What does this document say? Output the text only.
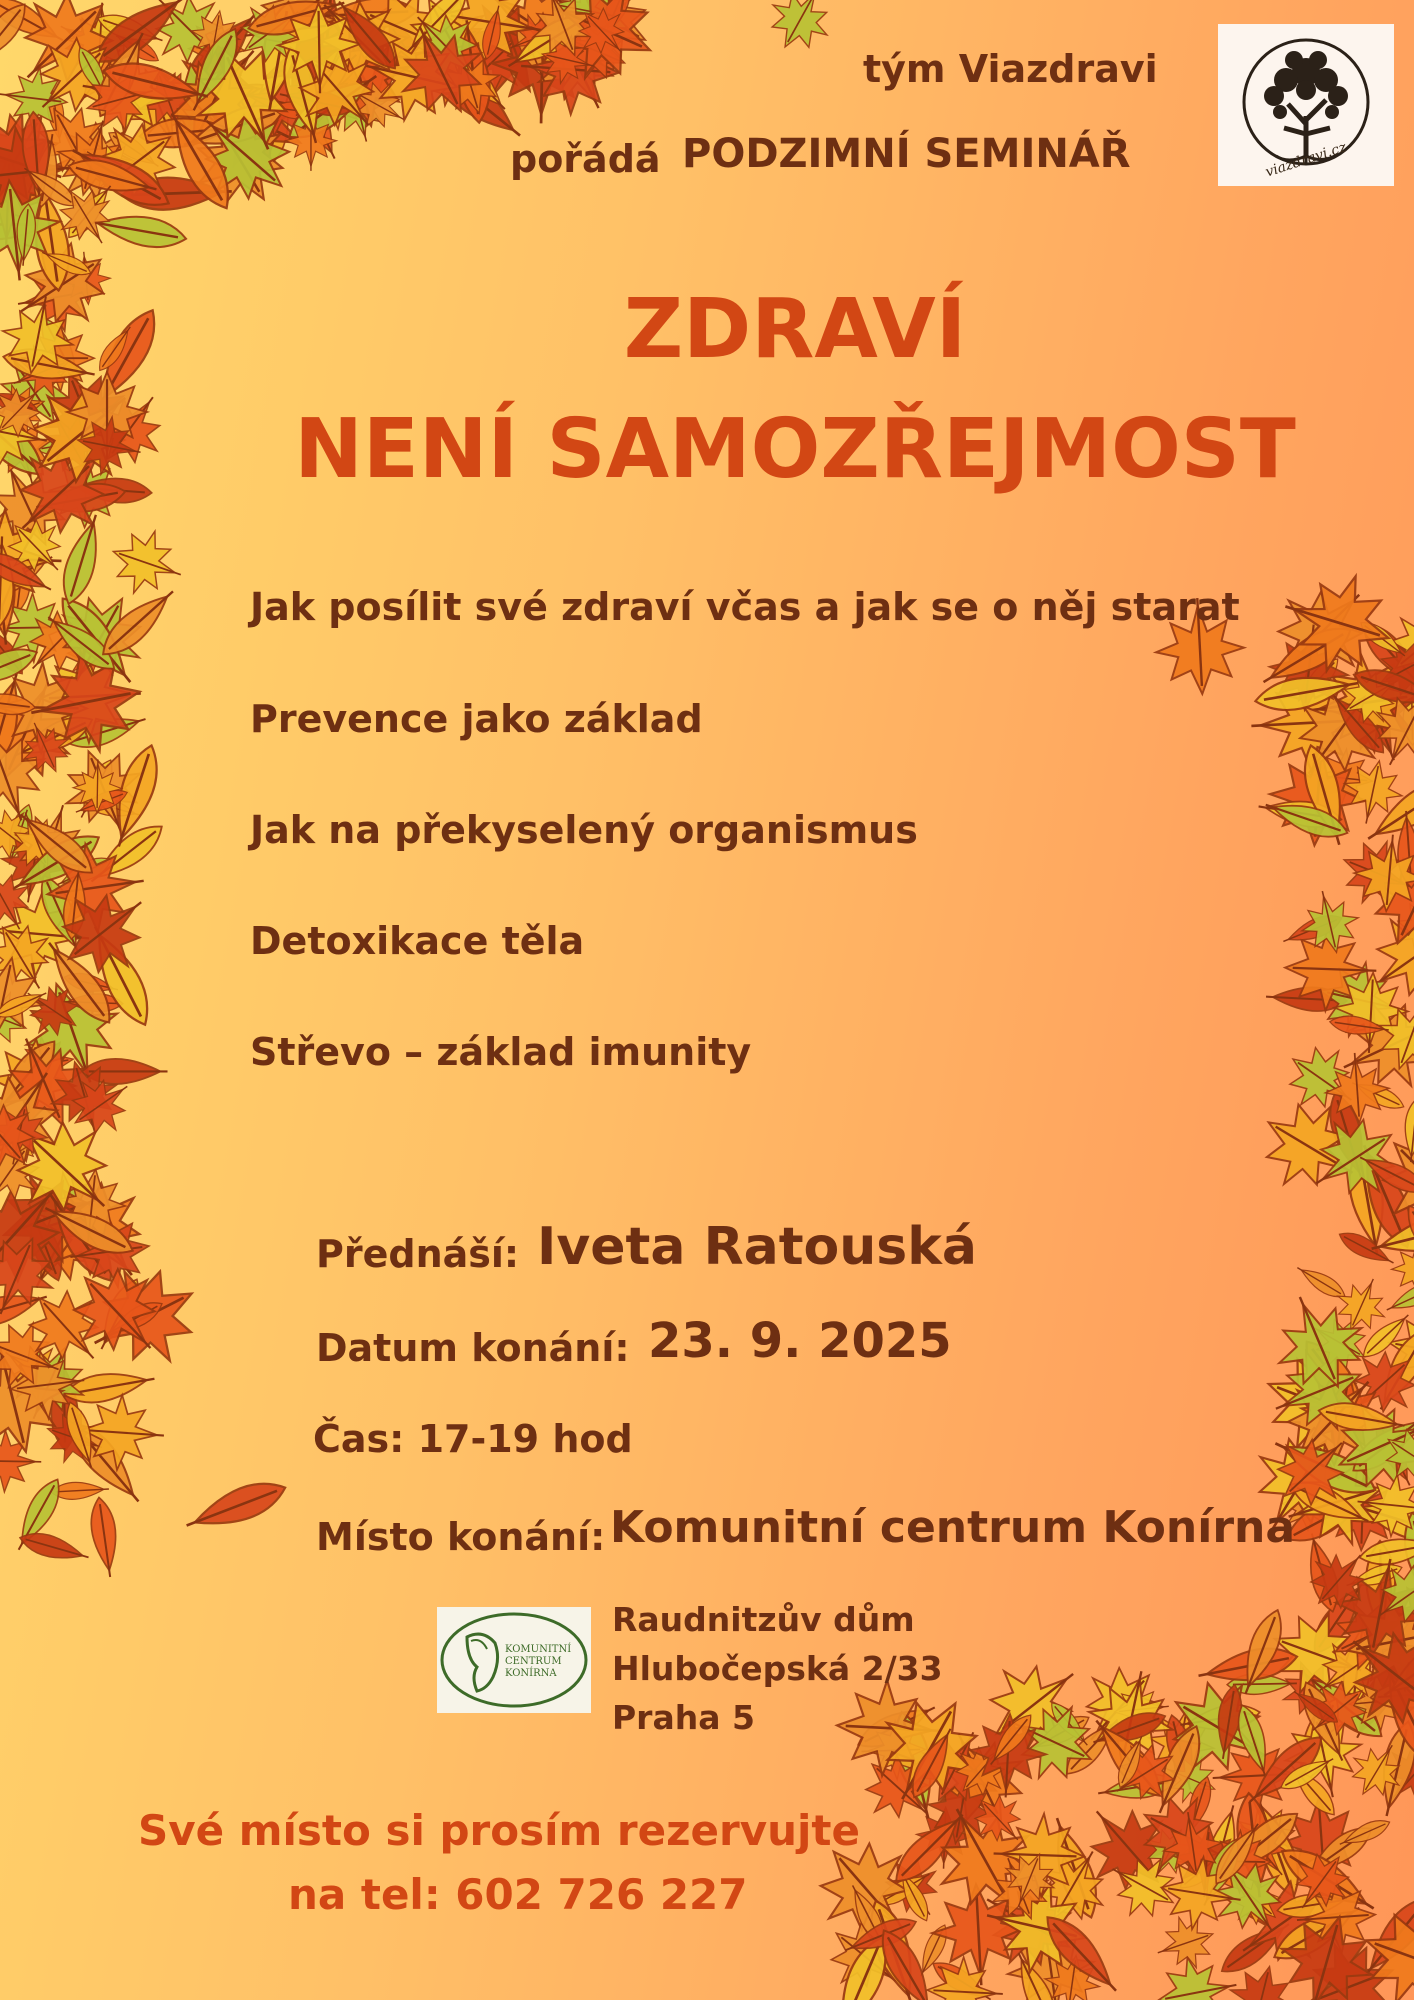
tým Viazdravi
pořádá PODZIMNÍ SEMINÁŘ	viazdravi.cz
ZDRAVÍ
NENÍ SAMOZŘEJMOST
Jak posílit své zdraví včas a jak se o něj starat
Prevence jako základ
Jak na překyselený organismus
Detoxikace těla
Střevo – základ imunity
Přednáší: Iveta Ratouská
Datum konání: 23. 9. 2025
Čas: 17-19 hod
Místo konání: Komunitní centrum Konírna
KOMUNITNÍ
CENTRUM
KONÍRNA
Raudnitzův dům
Hlubočepská 2/33
Praha 5
Své místo si prosím rezervujte
na tel: 602 726 227
